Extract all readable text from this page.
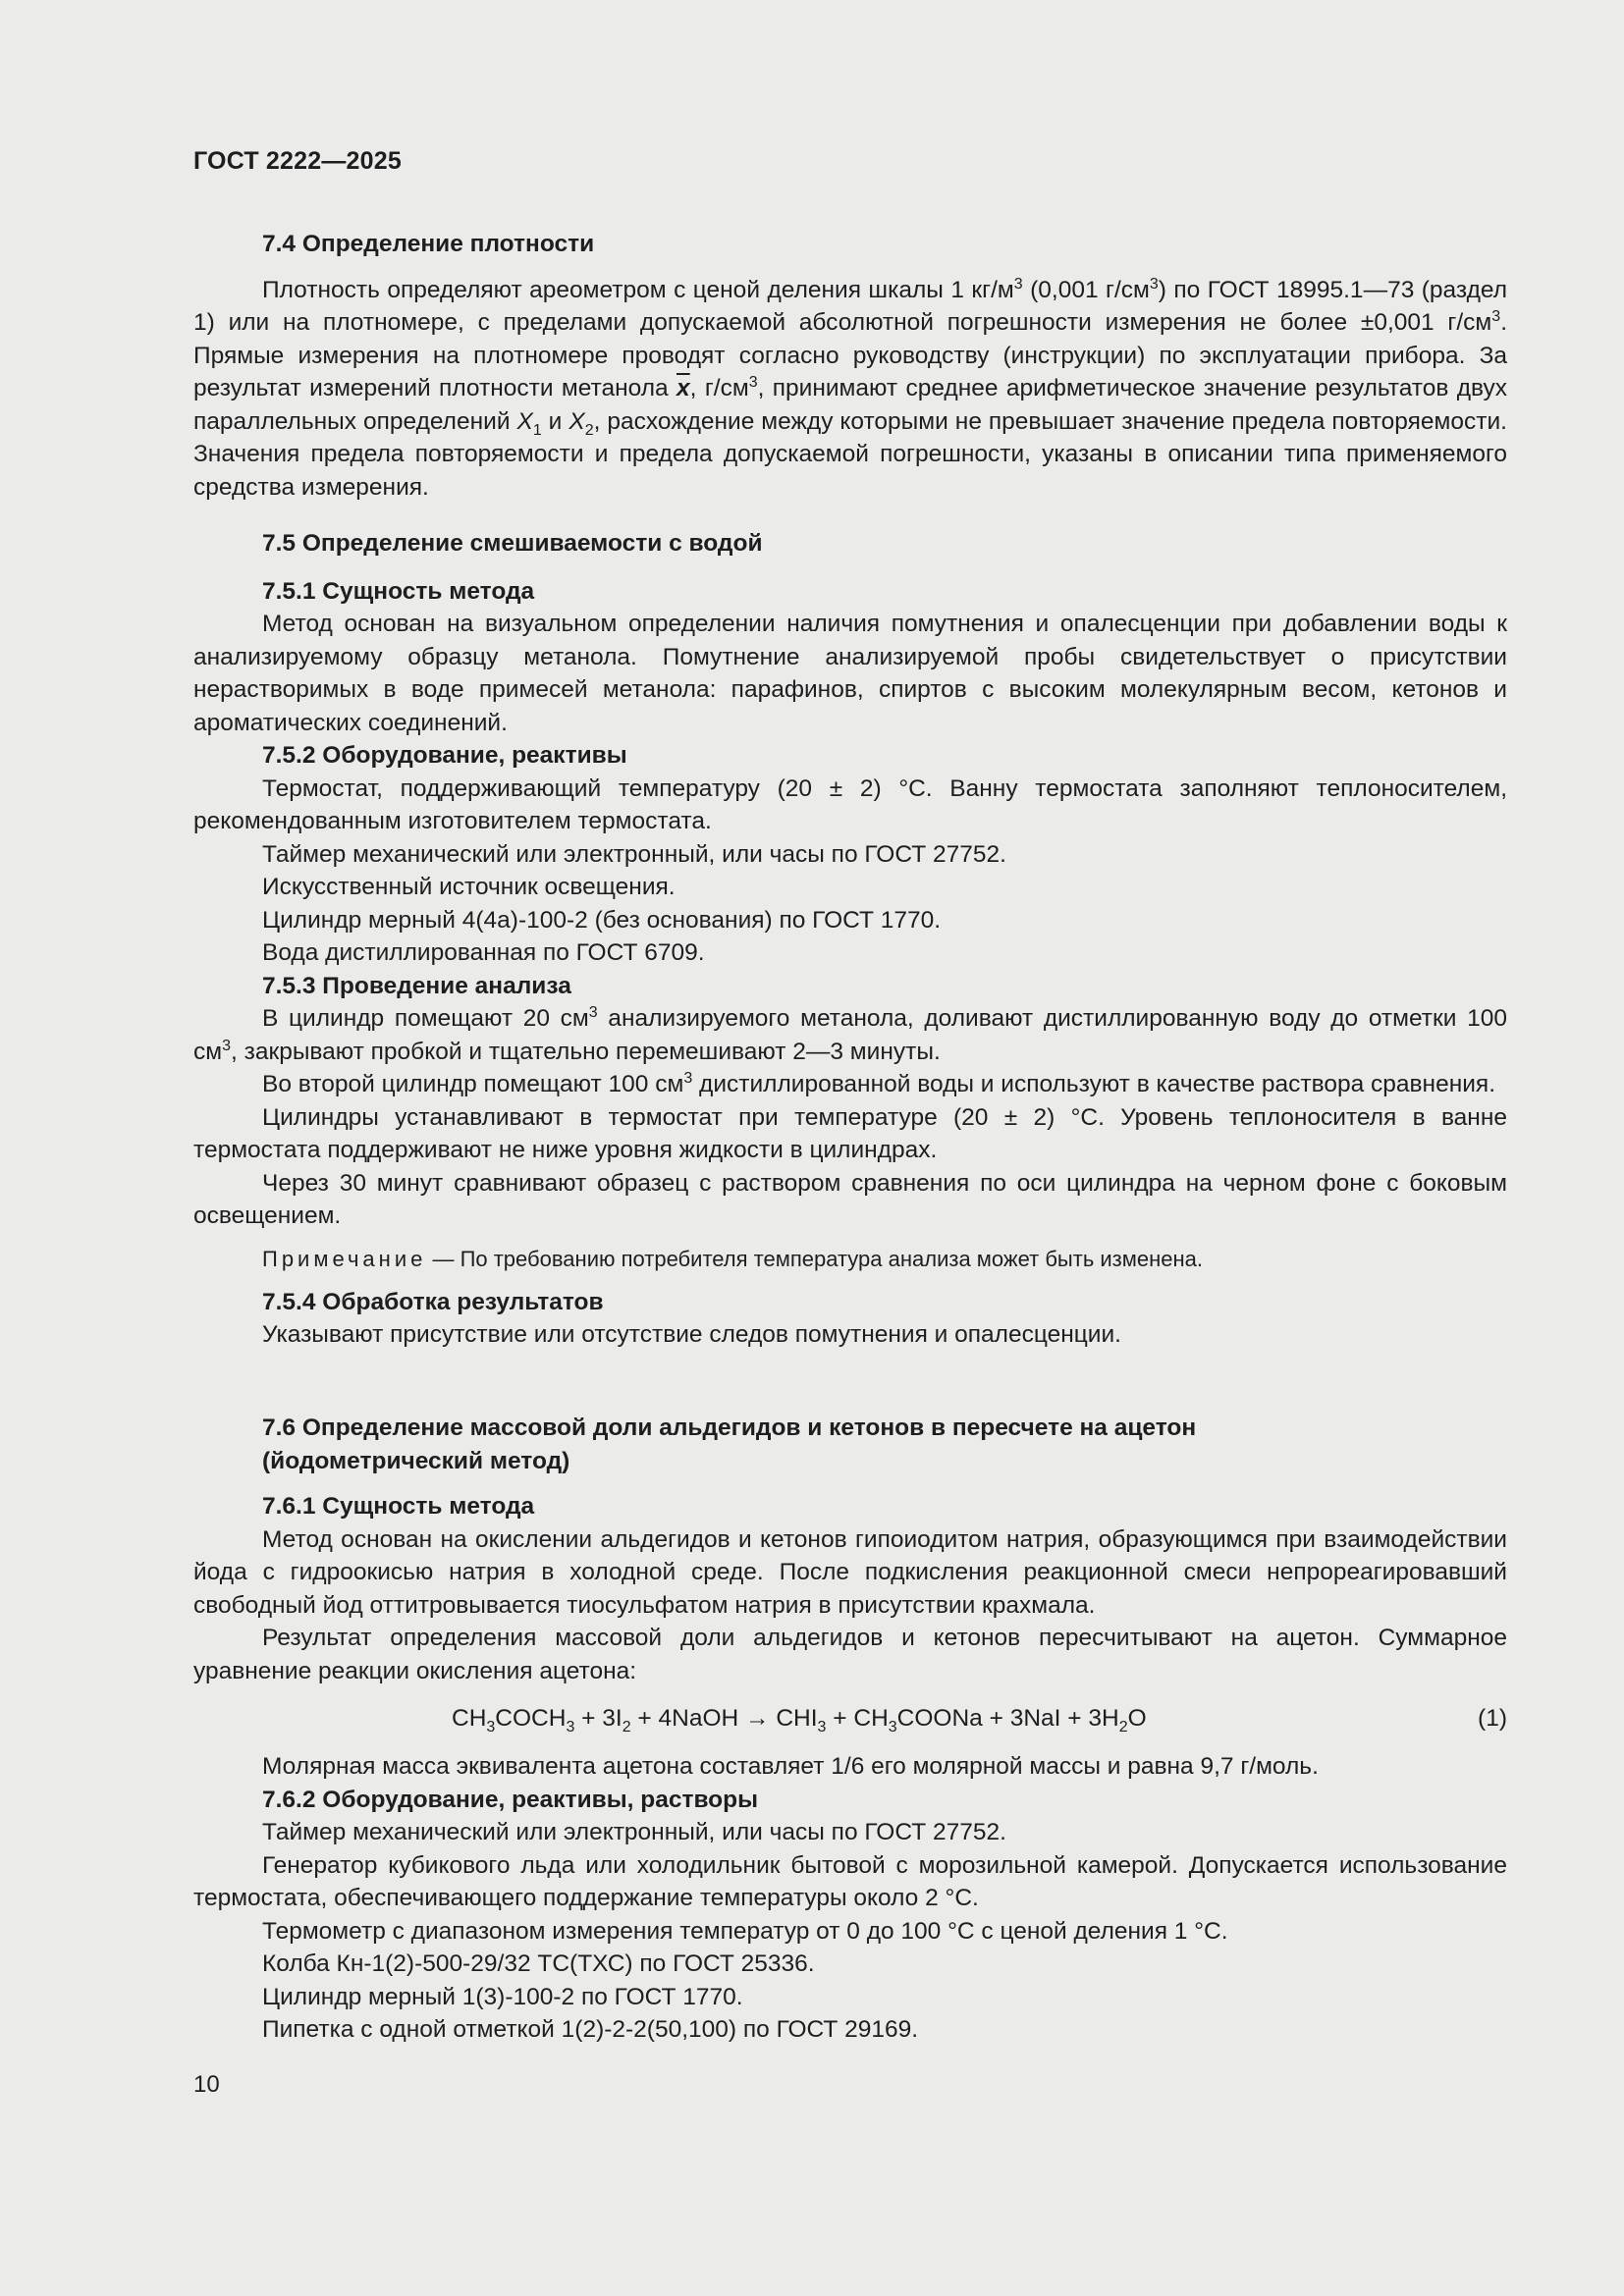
ГОСТ 2222—2025
7.4 Определение плотности

Плотность определяют ареометром с ценой деления шкалы 1 $кг/м^3$ (0,001 $г/см^3$) по ГОСТ 18995.1—73 (раздел 1) или на плотномере, с пределами допускаемой абсолютной погрешности измерения не более ±0,001 $г/см^3$. Прямые измерения на плотномере проводят согласно руководству (инструкции) по эксплуатации прибора. За результат измерений плотности метанола $\overline{x}$, $г/см^3$, принимают среднее арифметическое значение результатов двух параллельных определений $X_1$ и $X_2$, расхождение между которыми не превышает значение предела повторяемости. Значения предела повторяемости и предела допускаемой погрешности, указаны в описании типа применяемого средства измерения.

7.5 Определение смешиваемости с водой
7.5.1 Сущность метода

Метод основан на визуальном определении наличия помутнения и опалесценции при добавлении воды к анализируемому образцу метанола. Помутнение анализируемой пробы свидетельствует о присутствии нерастворимых в воде примесей метанола: парафинов, спиртов с высоким молекулярным весом, кетонов и ароматических соединений.

7.5.2 Оборудование, реактивы

Термостат, поддерживающий температуру (20 ± 2) °С. Ванну термостата заполняют теплоносителем, рекомендованным изготовителем термостата.

Таймер механический или электронный, или часы по ГОСТ 27752.

Искусственный источник освещения.

Цилиндр мерный 4(4а)-100-2 (без основания) по ГОСТ 1770.

Вода дистиллированная по ГОСТ 6709.

7.5.3 Проведение анализа

В цилиндр помещают 20 $см^3$ анализируемого метанола, доливают дистиллированную воду до отметки 100 $см^3$, закрывают пробкой и тщательно перемешивают 2—3 минуты.

Во второй цилиндр помещают 100 $см^3$ дистиллированной воды и используют в качестве раствора сравнения.

Цилиндры устанавливают в термостат при температуре (20 ± 2) °С. Уровень теплоносителя в ванне термостата поддерживают не ниже уровня жидкости в цилиндрах.

Через 30 минут сравнивают образец с раствором сравнения по оси цилиндра на черном фоне с боковым освещением.

Примечание — По требованию потребителя температура анализа может быть изменена.
7.5.4 Обработка результатов

Указывают присутствие или отсутствие следов помутнения и опалесценции.

7.6 Определение массовой доли альдегидов и кетонов в пересчете на ацетон
(йодометрический метод)
7.6.1 Сущность метода

Метод основан на окислении альдегидов и кетонов гипоиодитом натрия, образующимся при взаимодействии йода с гидроокисью натрия в холодной среде. После подкисления реакционной смеси непрореагировавший свободный йод оттитровывается тиосульфатом натрия в присутствии крахмала.

Результат определения массовой доли альдегидов и кетонов пересчитывают на ацетон. Суммарное уравнение реакции окисления ацетона:

$CH_3COCH_3 + 3I_2$ + 4NaOH → $CHI_3$ + $CH_3COONa + 3NaI + 3H_2O$	(1)

Молярная масса эквивалента ацетона составляет 1/6 его молярной массы и равна 9,7 г/моль.

7.6.2 Оборудование, реактивы, растворы

Таймер механический или электронный, или часы по ГОСТ 27752.

Генератор кубикового льда или холодильник бытовой с морозильной камерой. Допускается использование термостата, обеспечивающего поддержание температуры около 2 °С.

Термометр с диапазоном измерения температур от 0 до 100 °С с ценой деления 1 °С.

Колба Кн-1(2)-500-29/32 ТС(ТХС) по ГОСТ 25336.

Цилиндр мерный 1(3)-100-2 по ГОСТ 1770.

Пипетка с одной отметкой 1(2)-2-2(50,100) по ГОСТ 29169.

10
